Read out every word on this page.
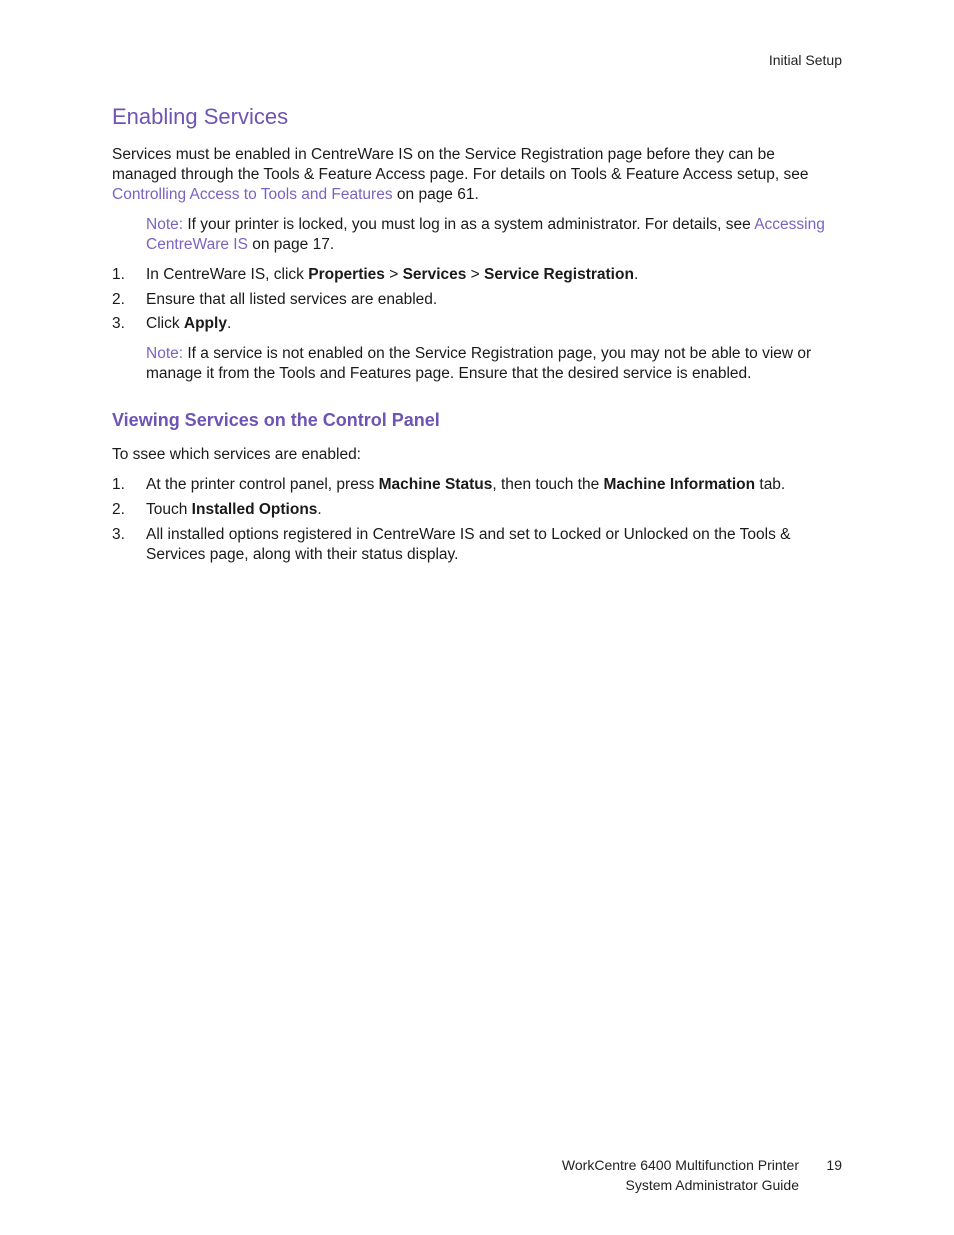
Initial Setup
Enabling Services
Services must be enabled in CentreWare IS on the Service Registration page before they can be
managed through the Tools & Feature Access page. For details on Tools & Feature Access setup, see
Controlling Access to Tools and Features on page 61.
Note: If your printer is locked, you must log in as a system administrator. For details, see Accessing
CentreWare IS on page 17.
1.	In CentreWare IS, click Properties > Services > Service Registration.
2.	Ensure that all listed services are enabled.
3.	Click Apply.
Note: If a service is not enabled on the Service Registration page, you may not be able to view or
manage it from the Tools and Features page. Ensure that the desired service is enabled.
Viewing Services on the Control Panel
To ssee which services are enabled:
1.	At the printer control panel, press Machine Status, then touch the Machine Information tab.
2.	Touch Installed Options.
3.	All installed options registered in CentreWare IS and set to Locked or Unlocked on the Tools &
Services page, along with their status display.
WorkCentre 6400 Multifunction Printer
System Administrator Guide
19
